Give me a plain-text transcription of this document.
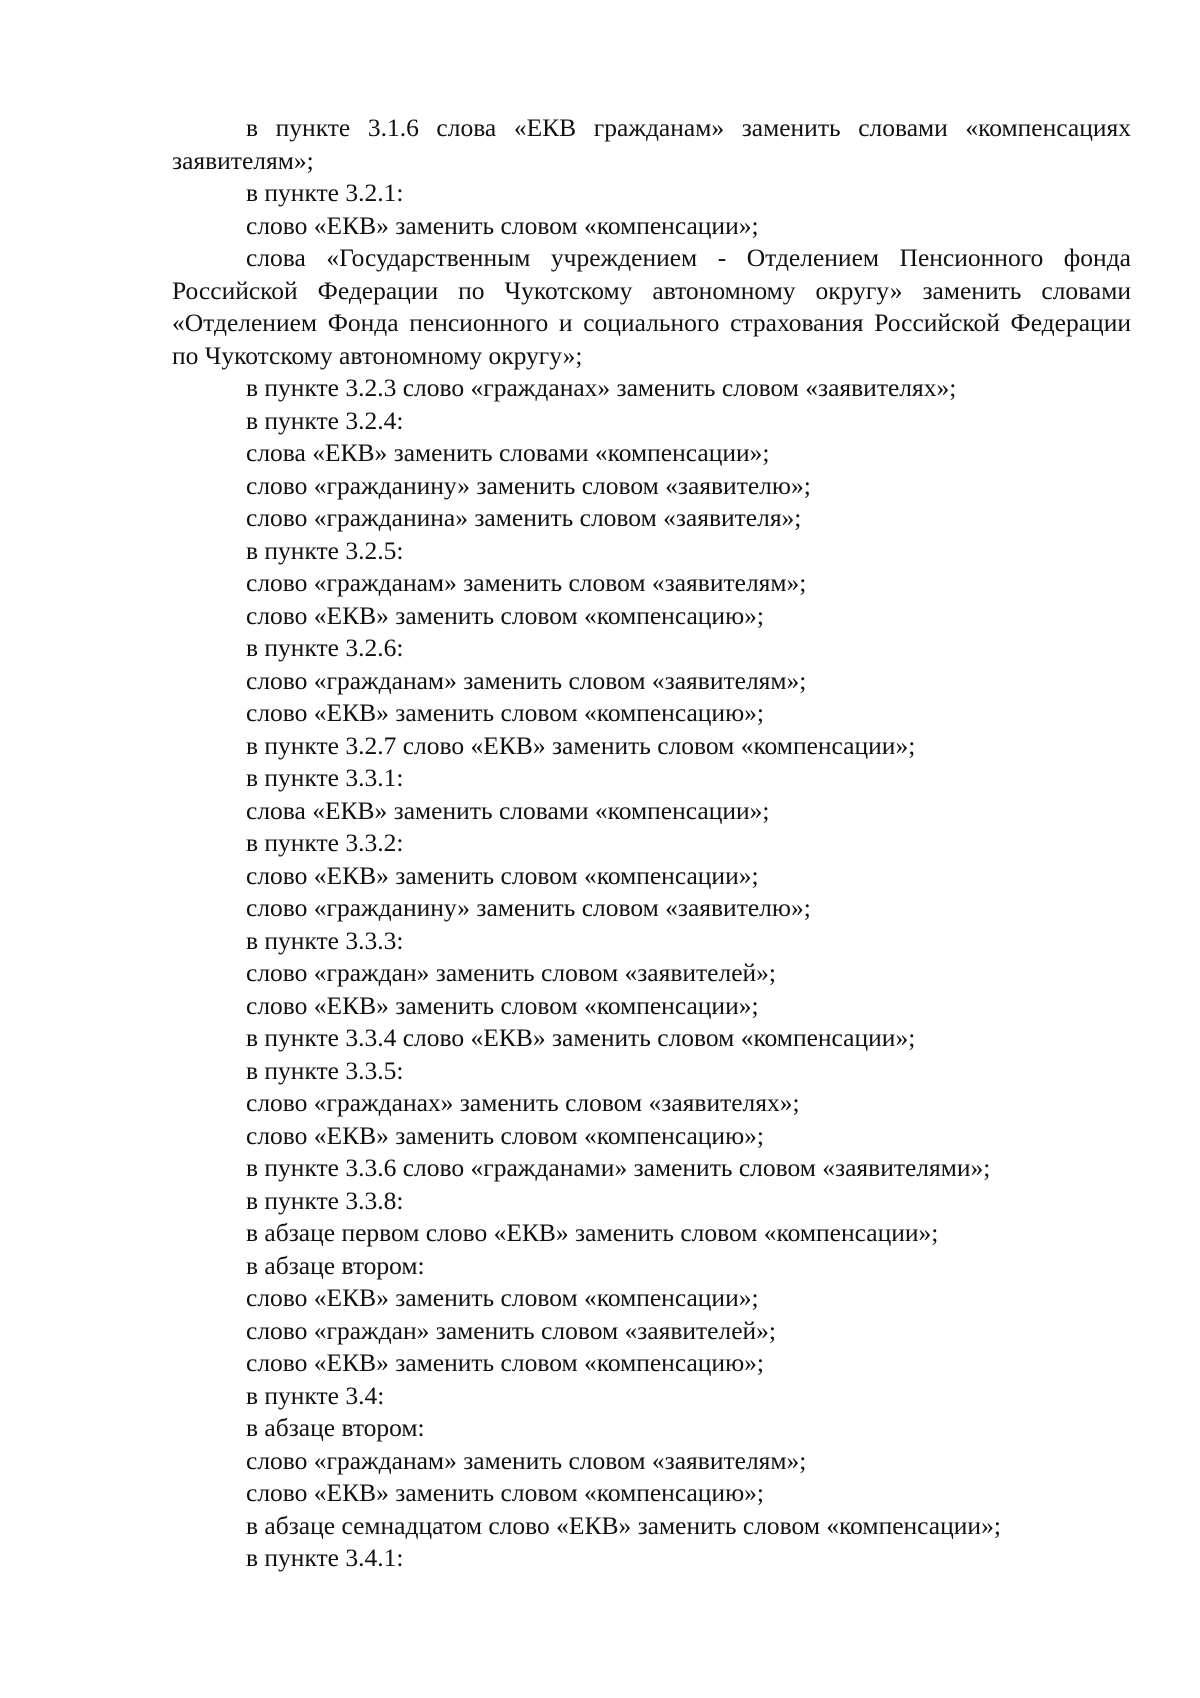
в пункте 3.1.6 слова «ЕКВ гражданам» заменить словами «компенсациях заявителям»;

в пункте 3.2.1:

слово «ЕКВ» заменить словом «компенсации»;

слова «Государственным учреждением - Отделением Пенсионного фонда Российской Федерации по Чукотскому автономному округу» заменить словами «Отделением Фонда пенсионного и социального страхования Российской Федерации по Чукотскому автономному округу»;

в пункте 3.2.3 слово «гражданах» заменить словом «заявителях»;

в пункте 3.2.4:

слова «ЕКВ» заменить словами «компенсации»;

слово «гражданину» заменить словом «заявителю»;

слово «гражданина» заменить словом «заявителя»;

в пункте 3.2.5:

слово «гражданам» заменить словом «заявителям»;

слово «ЕКВ» заменить словом «компенсацию»;

в пункте 3.2.6:

слово «гражданам» заменить словом «заявителям»;

слово «ЕКВ» заменить словом «компенсацию»;

в пункте 3.2.7 слово «ЕКВ» заменить словом «компенсации»;

в пункте 3.3.1:

слова «ЕКВ» заменить словами «компенсации»;

в пункте 3.3.2:

слово «ЕКВ» заменить словом «компенсации»;

слово «гражданину» заменить словом «заявителю»;

в пункте 3.3.3:

слово «граждан» заменить словом «заявителей»;

слово «ЕКВ» заменить словом «компенсации»;

в пункте 3.3.4 слово «ЕКВ» заменить словом «компенсации»;

в пункте 3.3.5:

слово «гражданах» заменить словом «заявителях»;

слово «ЕКВ» заменить словом «компенсацию»;

в пункте 3.3.6 слово «гражданами» заменить словом «заявителями»;

в пункте 3.3.8:

в абзаце первом слово «ЕКВ» заменить словом «компенсации»;

в абзаце втором:

слово «ЕКВ» заменить словом «компенсации»;

слово «граждан» заменить словом «заявителей»;

слово «ЕКВ» заменить словом «компенсацию»;

в пункте 3.4:

в абзаце втором:

слово «гражданам» заменить словом «заявителям»;

слово «ЕКВ» заменить словом «компенсацию»;

в абзаце семнадцатом слово «ЕКВ» заменить словом «компенсации»;

в пункте 3.4.1:
